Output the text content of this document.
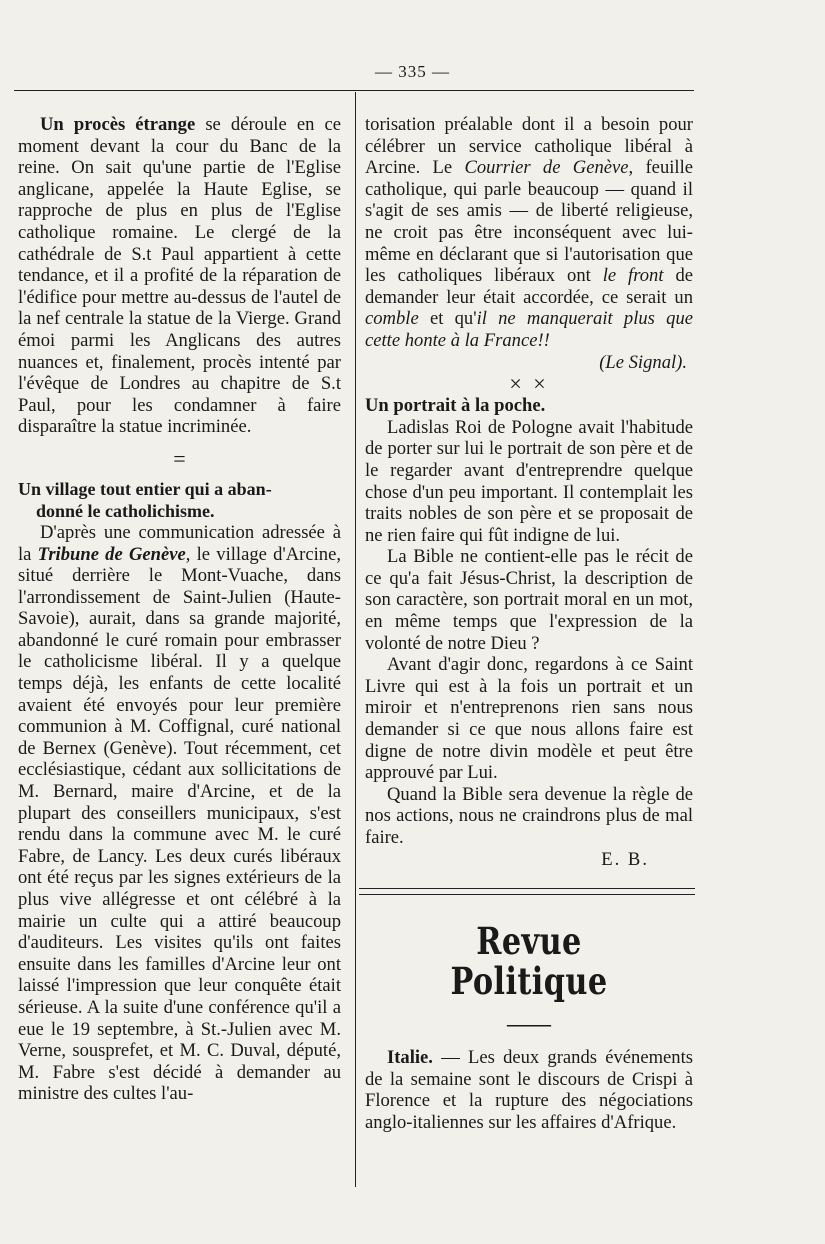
— 335 —

Un procès étrange se déroule en ce moment devant la cour du Banc de la reine. On sait qu'une partie de l'Eglise anglicane, appelée la Haute Eglise, se rapproche de plus en plus de l'Eglise catholique romaine. Le clergé de la cathédrale de S.t Paul appartient à cette tendance, et il a profité de la réparation de l'édifice pour mettre au-dessus de l'autel de la nef centrale la statue de la Vierge. Grand émoi parmi les Anglicans des autres nuances et, finalement, procès intenté par l'évêque de Londres au chapitre de S.t Paul, pour les condamner à faire disparaître la statue incriminée.

=

Un village tout entier qui a aban-
donné le catholichisme.

D'après une communication adressée à la Tribune de Genève, le village d'Arcine, situé derrière le Mont-Vuache, dans l'arrondissement de Saint-Julien (Haute-Savoie), aurait, dans sa grande majorité, abandonné le curé romain pour embrasser le catholicisme libéral. Il y a quelque temps déjà, les enfants de cette localité avaient été envoyés pour leur première communion à M. Coffignal, curé national de Bernex (Genève). Tout récemment, cet ecclésiastique, cédant aux sollicitations de M. Bernard, maire d'Arcine, et de la plupart des conseillers municipaux, s'est rendu dans la commune avec M. le curé Fabre, de Lancy. Les deux curés libéraux ont été reçus par les signes extérieurs de la plus vive allégresse et ont célébré à la mairie un culte qui a attiré beaucoup d'auditeurs. Les visites qu'ils ont faites ensuite dans les familles d'Arcine leur ont laissé l'impression que leur conquête était sérieuse. A la suite d'une conférence qu'il a eue le 19 septembre, à St.-Julien avec M. Verne, sousprefet, et M. C. Duval, député, M. Fabre s'est décidé à demander au ministre des cultes l'au-

torisation préalable dont il a besoin pour célébrer un service catholique libéral à Arcine. Le Courrier de Genève, feuille catholique, qui parle beaucoup — quand il s'agit de ses amis — de liberté religieuse, ne croit pas être inconséquent avec lui-même en déclarant que si l'autorisation que les catholiques libéraux ont le front de demander leur était accordée, ce serait un comble et qu'il ne manquerait plus que cette honte à la France!!

(Le Signal).

× ×

Un portrait à la poche.

Ladislas Roi de Pologne avait l'habitude de porter sur lui le portrait de son père et de le regarder avant d'entreprendre quelque chose d'un peu important. Il contemplait les traits nobles de son père et se proposait de ne rien faire qui fût indigne de lui.

La Bible ne contient-elle pas le récit de ce qu'a fait Jésus-Christ, la description de son caractère, son portrait moral en un mot, en même temps que l'expression de la volonté de notre Dieu ?

Avant d'agir donc, regardons à ce Saint Livre qui est à la fois un portrait et un miroir et n'entreprenons rien sans nous demander si ce que nous allons faire est digne de notre divin modèle et peut être approuvé par Lui.

Quand la Bible sera devenue la règle de nos actions, nous ne craindrons plus de mal faire.

E. B.

Revue Politique
——

Italie. — Les deux grands événements de la semaine sont le discours de Crispi à Florence et la rupture des négociations anglo-italiennes sur les affaires d'Afrique.
